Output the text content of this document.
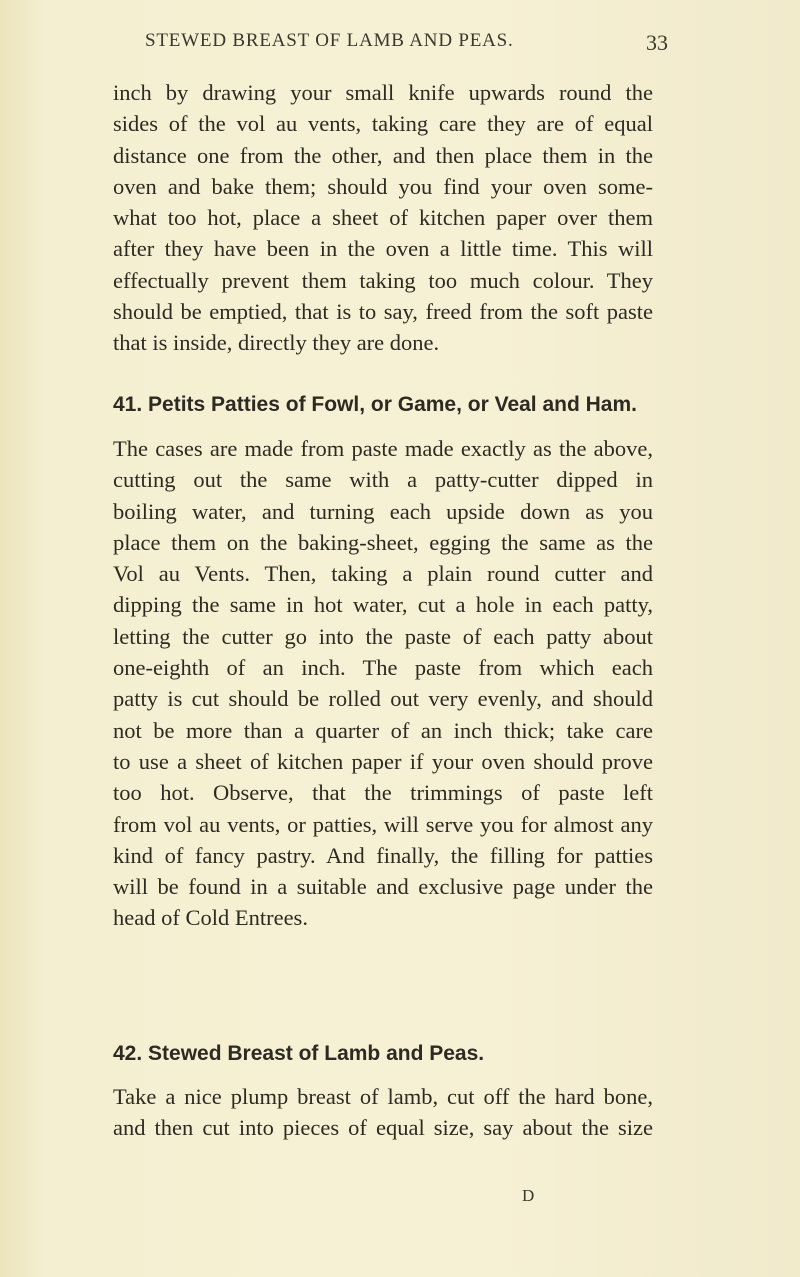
STEWED BREAST OF LAMB AND PEAS.	33
inch by drawing your small knife upwards round the
sides of the vol au vents, taking care they are of equal
distance one from the other, and then place them in the
oven and bake them; should you find your oven some-
what too hot, place a sheet of kitchen paper over them
after they have been in the oven a little time. This will
effectually prevent them taking too much colour. They
should be emptied, that is to say, freed from the soft paste
that is inside, directly they are done.
41. Petits Patties of Fowl, or Game, or Veal and Ham.
The cases are made from paste made exactly as the above,
cutting out the same with a patty-cutter dipped in
boiling water, and turning each upside down as you
place them on the baking-sheet, egging the same as the
Vol au Vents. Then, taking a plain round cutter and
dipping the same in hot water, cut a hole in each patty,
letting the cutter go into the paste of each patty about
one-eighth of an inch. The paste from which each
patty is cut should be rolled out very evenly, and should
not be more than a quarter of an inch thick; take care
to use a sheet of kitchen paper if your oven should prove
too hot. Observe, that the trimmings of paste left
from vol au vents, or patties, will serve you for almost any
kind of fancy pastry. And finally, the filling for patties
will be found in a suitable and exclusive page under the
head of Cold Entrees.
42. Stewed Breast of Lamb and Peas.
Take a nice plump breast of lamb, cut off the hard bone,
and then cut into pieces of equal size, say about the size
D
